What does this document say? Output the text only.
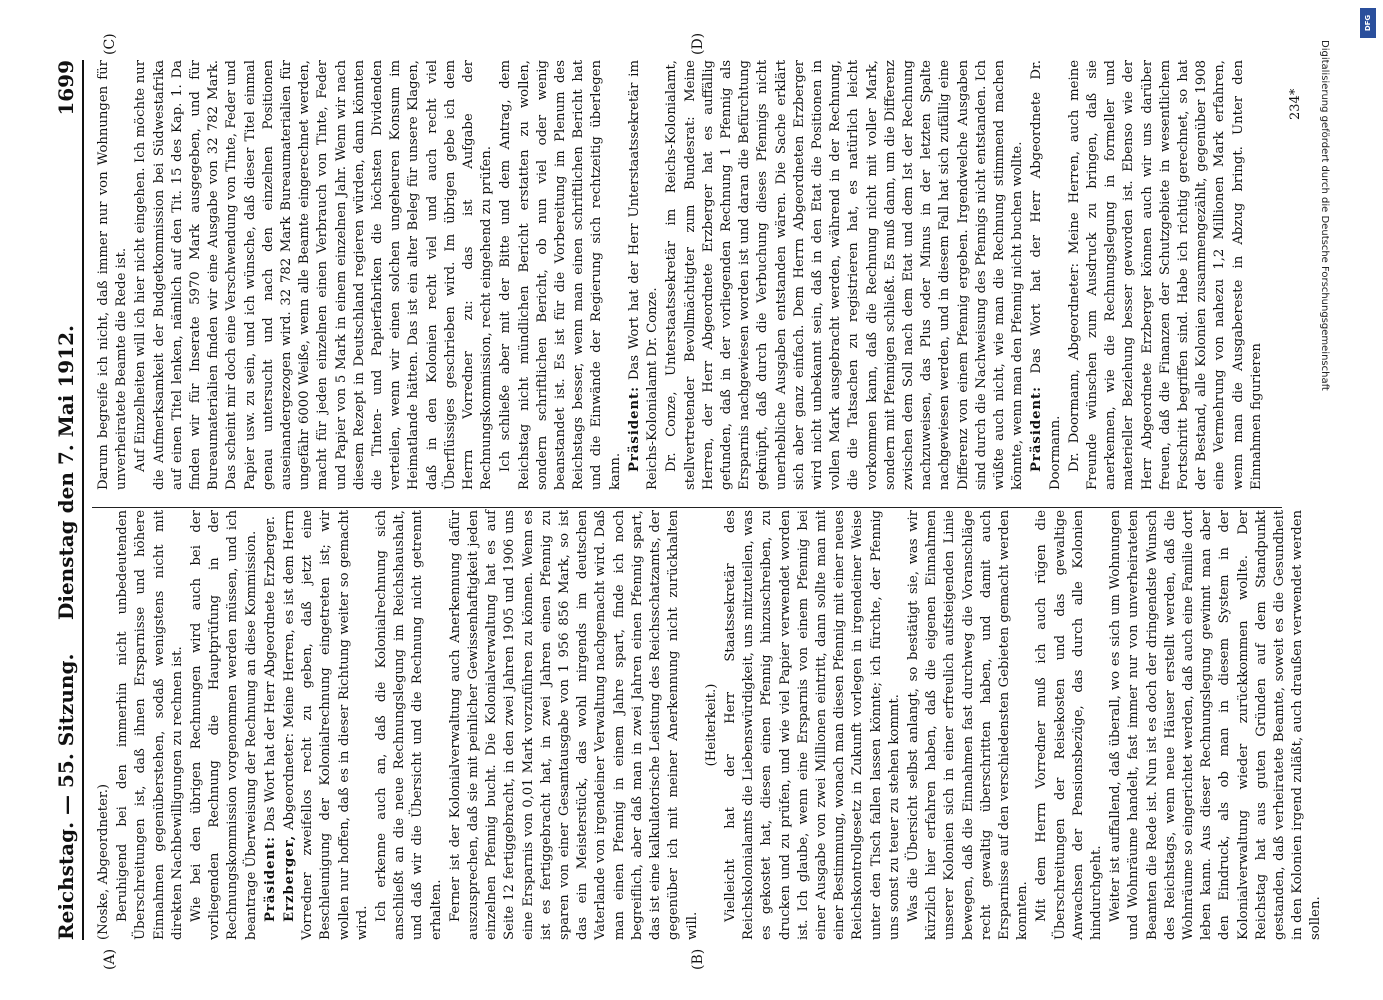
Reichstag. — 55. Sitzung.
Dienstag den 7. Mai 1912.
1699
(A)	(B)
(C)	(D)

(Noske, Abgeordneter.) Beruhigend bei den immerhin nicht unbedeutenden Überschreitungen ist, daß ihnen Ersparnisse und höhere Einnahmen gegenüberstehen, sodaß wenigstens nicht mit direkten Nachbewilligungen zu rechnen ist. Wie bei den übrigen Rechnungen wird auch bei der vorliegenden Rechnung die Hauptprüfung in der Rechnungskommission vorgenommen werden müssen, und ich beantrage Überweisung der Rechnung an diese Kommission. Präsident: Das Wort hat der Herr Abgeordnete Erzberger.

Erzberger, Abgeordneter: Meine Herren, es ist dem Herrn Vorredner zweifellos recht zu geben, daß jetzt eine Beschleunigung der Kolonialrechnung eingetreten ist; wir wollen nur hoffen, daß es in dieser Richtung weiter so gemacht wird.

Ich erkenne auch an, daß die Kolonialrechnung sich anschließt an die neue Rechnungslegung im Reichshaushalt, und daß wir die Übersicht und die Rechnung nicht getrennt erhalten. Ferner ist der Kolonialverwaltung auch Anerkennung dafür auszusprechen, daß sie mit peinlicher Gewissenhaftigkeit jeden einzelnen Pfennig bucht. Die Kolonialverwaltung hat es auf Seite 12 fertiggebracht, in den zwei Jahren 1905 und 1906 uns eine Ersparnis von 0,01 Mark vorzuführen zu können. Wenn es ist es fertiggebracht hat, in zwei Jahren einen Pfennig zu sparen von einer Gesamtausgabe von 1 956 856 Mark, so ist das ein Meisterstück, das wohl nirgends im deutschen Vaterlande von irgendeiner Verwaltung nachgemacht wird. Daß man einen Pfennig in einem Jahre spart, finde ich noch begreiflich, aber daß man in zwei Jahren einen Pfennig spart, das ist eine kalkulatorische Leistung des Reichsschatzamts, der gegenüber ich mit meiner Anerkennung nicht zurückhalten will.

(Heiterkeit.) Vielleicht hat der Herr Staatssekretär des Reichskolonialamts die Liebenswürdigkeit, uns mitzuteilen, was es gekostet hat, diesen einen Pfennig hinzuschreiben, zu drucken und zu prüfen, und wie viel Papier verwendet worden ist. Ich glaube, wenn eine Ersparnis von einem Pfennig bei einer Ausgabe von zwei Millionen eintritt, dann sollte man mit einer Bestimmung, wonach man diesen Pfennig mit einer neues Reichskontrollgesetz in Zukunft vorlegen in irgendeiner Weise unter den Tisch fallen lassen könnte; ich fürchte, der Pfennig uns sonst zu teuer zu stehen kommt. Was die Übersicht selbst anlangt, so bestätigt sie, was wir kürzlich hier erfahren haben, daß die eigenen Einnahmen unserer Kolonien sich in einer erfreulich aufsteigenden Linie bewegen, daß die Einnahmen fast durchweg die Voranschläge recht gewaltig überschritten haben, und damit auch Ersparnisse auf den verschiedensten Gebieten gemacht werden konnten. Mit dem Herrn Vorredner muß ich auch rügen die Überschreitungen der Reisekosten und das gewaltige Anwachsen der Pensionsbezüge, das durch alle Kolonien hindurchgeht. Weiter ist auffallend, daß überall, wo es sich um Wohnungen und Wohnräume handelt, fast immer nur von unverheirateten Beamten die Rede ist. Nun ist es doch der dringendste Wunsch des Reichstags, wenn neue Häuser erstellt werden, daß die Wohnräume so eingerichtet werden, daß auch eine Familie dort leben kann. Aus dieser Rechnungslegung gewinnt man aber den Eindruck, als ob man in diesem System in der Kolonialverwaltung wieder zurückkommen wollte. Der Reichstag hat aus guten Gründen auf dem Standpunkt gestanden, daß verheiratete Beamte, soweit es die Gesundheit in den Kolonien irgend zuläßt, auch draußen verwendet werden sollen.

Darum begreife ich nicht, daß immer nur von Wohnungen für unverheiratete Beamte die Rede ist. Auf Einzelheiten will ich hier nicht eingehen. Ich möchte nur die Aufmerksamkeit der Budgetkommission bei Südwestafrika auf einen Titel lenken, nämlich auf den Tit. 15 des Kap. 1. Da finden wir für Inserate 5970 Mark ausgegeben, und für Bureaumaterialien finden wir eine Ausgabe von 32 782 Mark. Das scheint mir doch eine Verschwendung von Tinte, Feder und Papier usw. zu sein, und ich wünsche, daß dieser Titel einmal genau untersucht und nach den einzelnen Positionen auseinandergezogen wird. 32 782 Mark Bureaumaterialien für ungefähr 6000 Weiße, wenn alle Beamte eingerechnet werden, macht für jeden einzelnen einen Verbrauch von Tinte, Feder und Papier von 5 Mark in einem einzelnen Jahr. Wenn wir nach diesem Rezept in Deutschland regieren würden, dann könnten die Tinten- und Papierfabriken die höchsten Dividenden verteilen, wenn wir einen solchen ungeheuren Konsum im Heimatlande hätten. Das ist ein alter Beleg für unsere Klagen, daß in den Kolonien recht viel und auch recht viel Überflüssiges geschrieben wird. Im übrigen gebe ich dem Herrn Vorredner zu: das ist Aufgabe der Rechnungskommission, recht eingehend zu prüfen. Ich schließe aber mit der Bitte und dem Antrag, dem Reichstag nicht mündlichen Bericht erstatten zu wollen, sondern schriftlichen Bericht, ob nun viel oder wenig beanstandet ist. Es ist für die Vorbereitung im Plenum des Reichstags besser, wenn man einen schriftlichen Bericht hat und die Einwände der Regierung sich rechtzeitig überlegen kann. Präsident: Das Wort hat der Herr Unterstaatssekretär im Reichs-Kolonialamt Dr. Conze. Dr. Conze, Unterstaatssekretär im Reichs-Kolonialamt, stellvertretender Bevollmächtigter zum Bundesrat: Meine Herren, der Herr Abgeordnete Erzberger hat es auffällig gefunden, daß in der vorliegenden Rechnung 1 Pfennig als Ersparnis nachgewiesen worden ist und daran die Befürchtung geknüpft, daß durch die Verbuchung dieses Pfennigs nicht unerhebliche Ausgaben entstanden wären. Die Sache erklärt sich aber ganz einfach. Dem Herrn Abgeordneten Erzberger wird nicht unbekannt sein, daß in den Etat die Positionen in vollen Mark ausgebracht werden, während in der Rechnung, die die Tatsachen zu registrieren hat, es natürlich leicht vorkommen kann, daß die Rechnung nicht mit voller Mark, sondern mit Pfennigen schließt. Es muß dann, um die Differenz zwischen dem Soll nach dem Etat und dem Ist der Rechnung nachzuweisen, das Plus oder Minus in der letzten Spalte nachgewiesen werden, und in diesem Fall hat sich zufällig eine Differenz von einem Pfennig ergeben. Irgendwelche Ausgaben sind durch die Nachweisung des Pfennigs nicht entstanden. Ich wüßte auch nicht, wie man die Rechnung stimmend machen könnte, wenn man den Pfennig nicht buchen wollte. Präsident: Das Wort hat der Herr Abgeordnete Dr. Doormann. Dr. Doormann, Abgeordneter: Meine Herren, auch meine Freunde wünschen zum Ausdruck zu bringen, daß sie anerkennen, wie die Rechnungslegung in formeller und materieller Beziehung besser geworden ist. Ebenso wie der Herr Abgeordnete Erzberger können auch wir uns darüber freuen, daß die Finanzen der Schutzgebiete in wesentlichem Fortschritt begriffen sind. Habe ich richtig gerechnet, so hat der Bestand, alle Kolonien zusammengezählt, gegenüber 1908 eine Vermehrung von nahezu 1,2 Millionen Mark erfahren, wenn man die Ausgabereste in Abzug bringt. Unter den Einnahmen figurieren

234*
DFG
Digitalisierung gefördert durch die Deutsche Forschungsgemeinschaft
